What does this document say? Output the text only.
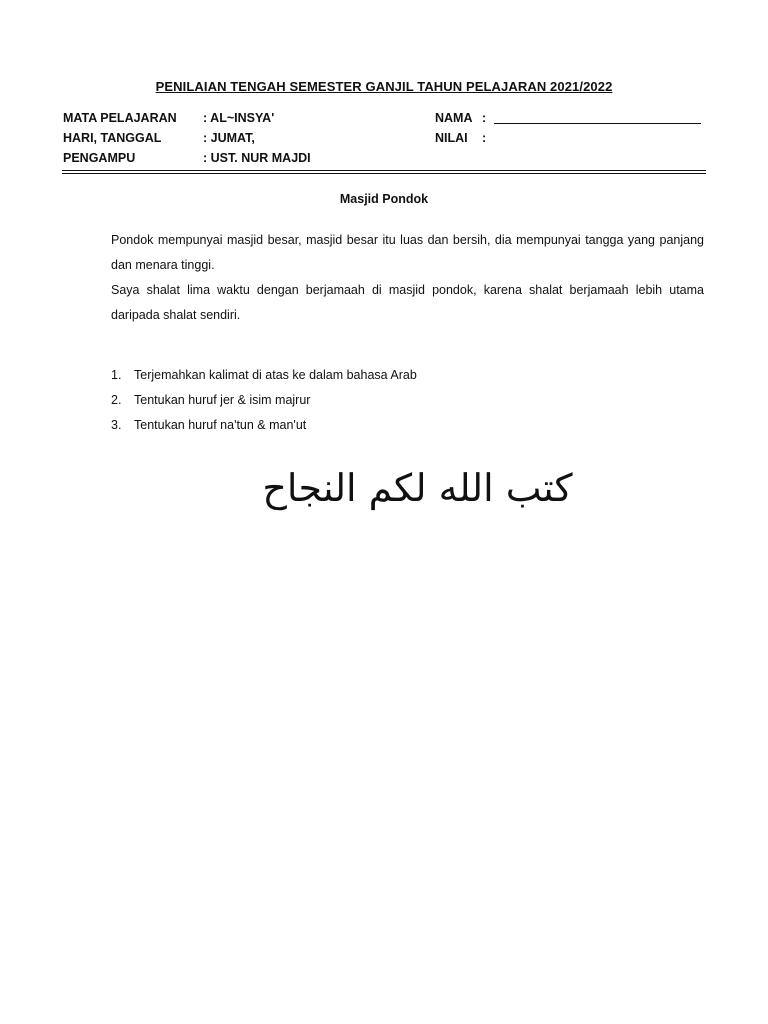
PENILAIAN TENGAH SEMESTER GANJIL TAHUN PELAJARAN 2021/2022
MATA PELAJARAN	: AL~INSYA'
HARI, TANGGAL	: JUMAT,
PENGAMPU	: UST. NUR MAJDI
NAMA :
NILAI	:
Masjid Pondok
Pondok mempunyai masjid besar, masjid besar itu luas dan bersih, dia mempunyai tangga yang panjang dan menara tinggi.
Saya shalat lima waktu dengan berjamaah di masjid pondok, karena shalat berjamaah lebih utama daripada shalat sendiri.
1.	Terjemahkan kalimat di atas ke dalam bahasa Arab
2.	Tentukan huruf jer & isim majrur
3.	Tentukan huruf na'tun & man'ut
كتب الله لكم النجاح
